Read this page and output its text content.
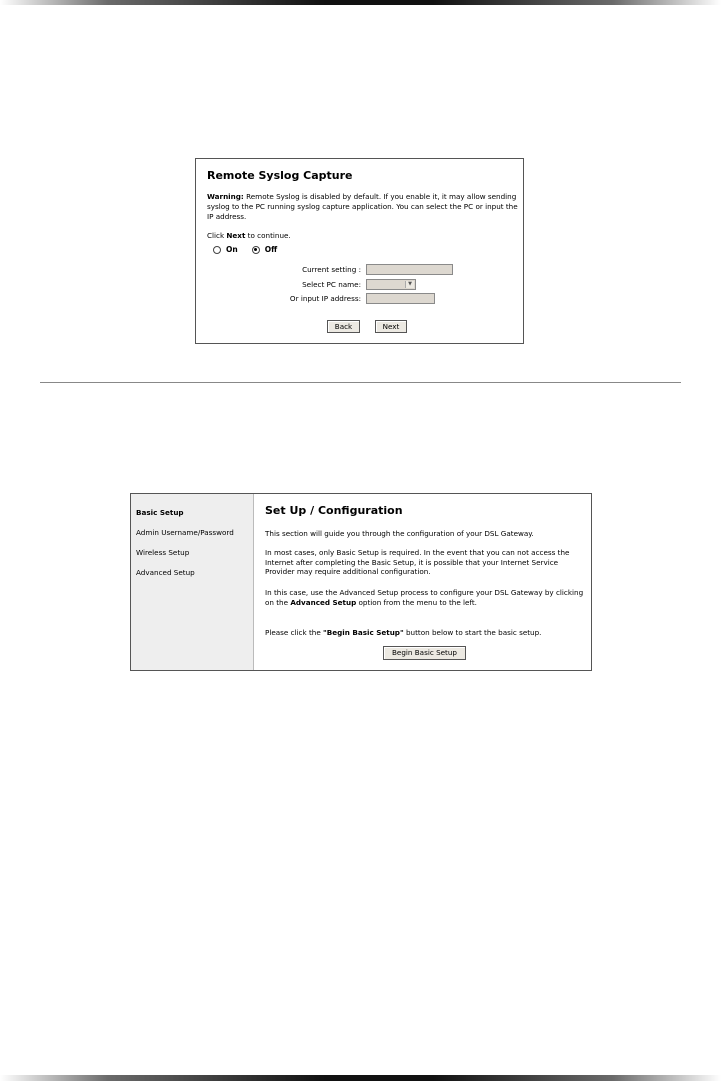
Remote Syslog Capture
Warning: Remote Syslog is disabled by default. If you enable it, it may allow sending syslog to the PC running syslog capture application. You can select the PC or input the IP address.
Click Next to continue.
On	Off
Current setting :
Select PC name:	▼
Or input IP address:
Back	Next
Basic Setup
Admin Username/Password
Wireless Setup
Advanced Setup
Set Up / Configuration
This section will guide you through the configuration of your DSL Gateway.
In most cases, only Basic Setup is required. In the event that you can not access the Internet after completing the Basic Setup, it is possible that your Internet Service Provider may require additional configuration.
In this case, use the Advanced Setup process to configure your DSL Gateway by clicking on the Advanced Setup option from the menu to the left.
Please click the "Begin Basic Setup" button below to start the basic setup.
Begin Basic Setup
